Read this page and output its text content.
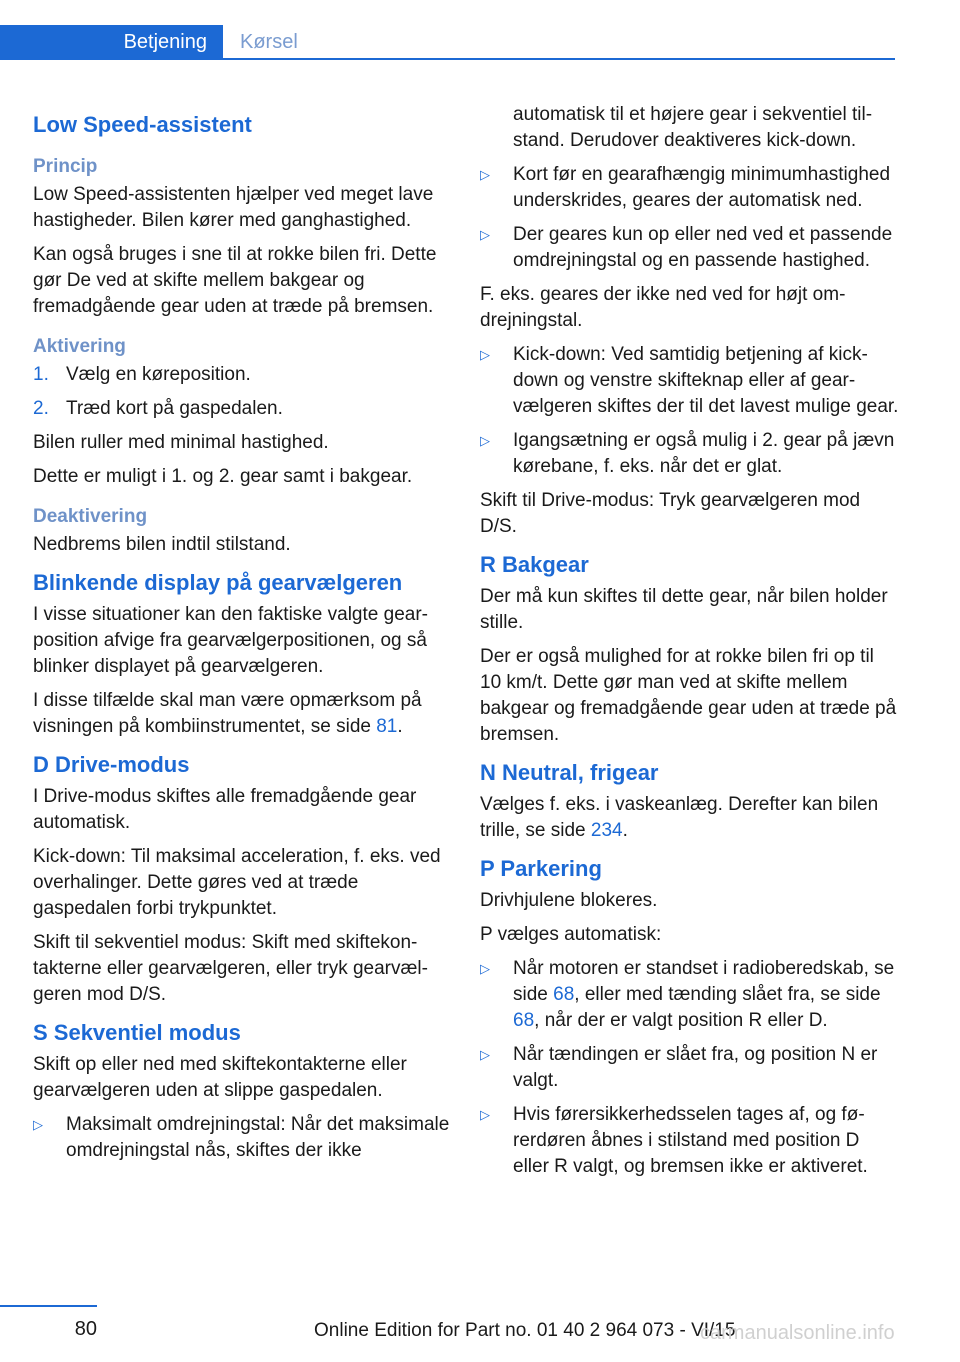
Betjening Kørsel
Low Speed-assistent
Princip

Low Speed-assistenten hjælper ved meget lave hastigheder. Bilen kører med ganghastighed.

Kan også bruges i sne til at rokke bilen fri. Dette gør De ved at skifte mellem bakgear og fremadgående gear uden at træde på bremsen.

Aktivering
1. Vælg en køreposition.
2. Træd kort på gaspedalen.

Bilen ruller med minimal hastighed.

Dette er muligt i 1. og 2. gear samt i bakgear.

Deaktivering

Nedbrems bilen indtil stilstand.

Blinkende display på gearvælgeren

I visse situationer kan den faktiske valgte gearposition afvige fra gearvælgerpositionen, og så blinker displayet på gearvælgeren.

I disse tilfælde skal man være opmærksom på visningen på kombiinstrumentet, se side 81.

D Drive-modus

I Drive-modus skiftes alle fremadgående gear automatisk.

Kick-down: Til maksimal acceleration, f. eks. ved overhalinger. Dette gøres ved at træde gaspedalen forbi trykpunktet.

Skift til sekventiel modus: Skift med skiftekontakterne eller gearvælgeren, eller tryk gearvælgeren mod D/S.

S Sekventiel modus

Skift op eller ned med skiftekontakterne eller gearvælgeren uden at slippe gaspedalen.

▷	Maksimalt omdrejningstal: Når det maksimale omdrejningstal nås, skiftes der ikke

automatisk til et højere gear i sekventiel tilstand. Derudover deaktiveres kick-down.

▷	Kort før en gearafhængig minimumhastighed underskrides, geares der automatisk ned.
▷	Der geares kun op eller ned ved et passende omdrejningstal og en passende hastighed.

F. eks. geares der ikke ned ved for højt omdrejningstal.

▷	Kick-down: Ved samtidig betjening af kickdown og venstre skifteknap eller af gearvælgeren skiftes der til det lavest mulige gear.
▷	Igangsætning er også mulig i 2. gear på jævn kørebane, f. eks. når det er glat.

Skift til Drive-modus: Tryk gearvælgeren mod D/S.

R Bakgear

Der må kun skiftes til dette gear, når bilen holder stille.

Der er også mulighed for at rokke bilen fri op til 10 km/t. Dette gør man ved at skifte mellem bakgear og fremadgående gear uden at træde på bremsen.

N Neutral, frigear

Vælges f. eks. i vaskeanlæg. Derefter kan bilen trille, se side 234.

P Parkering

Drivhjulene blokeres.

P vælges automatisk:

▷	Når motoren er standset i radioberedskab, se side 68, eller med tænding slået fra, se side 68, når der er valgt position R eller D.
▷	Når tændingen er slået fra, og position N er valgt.
▷	Hvis førersikkerhedsselen tages af, og førerdøren åbnes i stilstand med position D eller R valgt, og bremsen ikke er aktiveret.
80	Online Edition for Part no. 01 40 2 964 073 - VI/15
carmanualsonline.info
